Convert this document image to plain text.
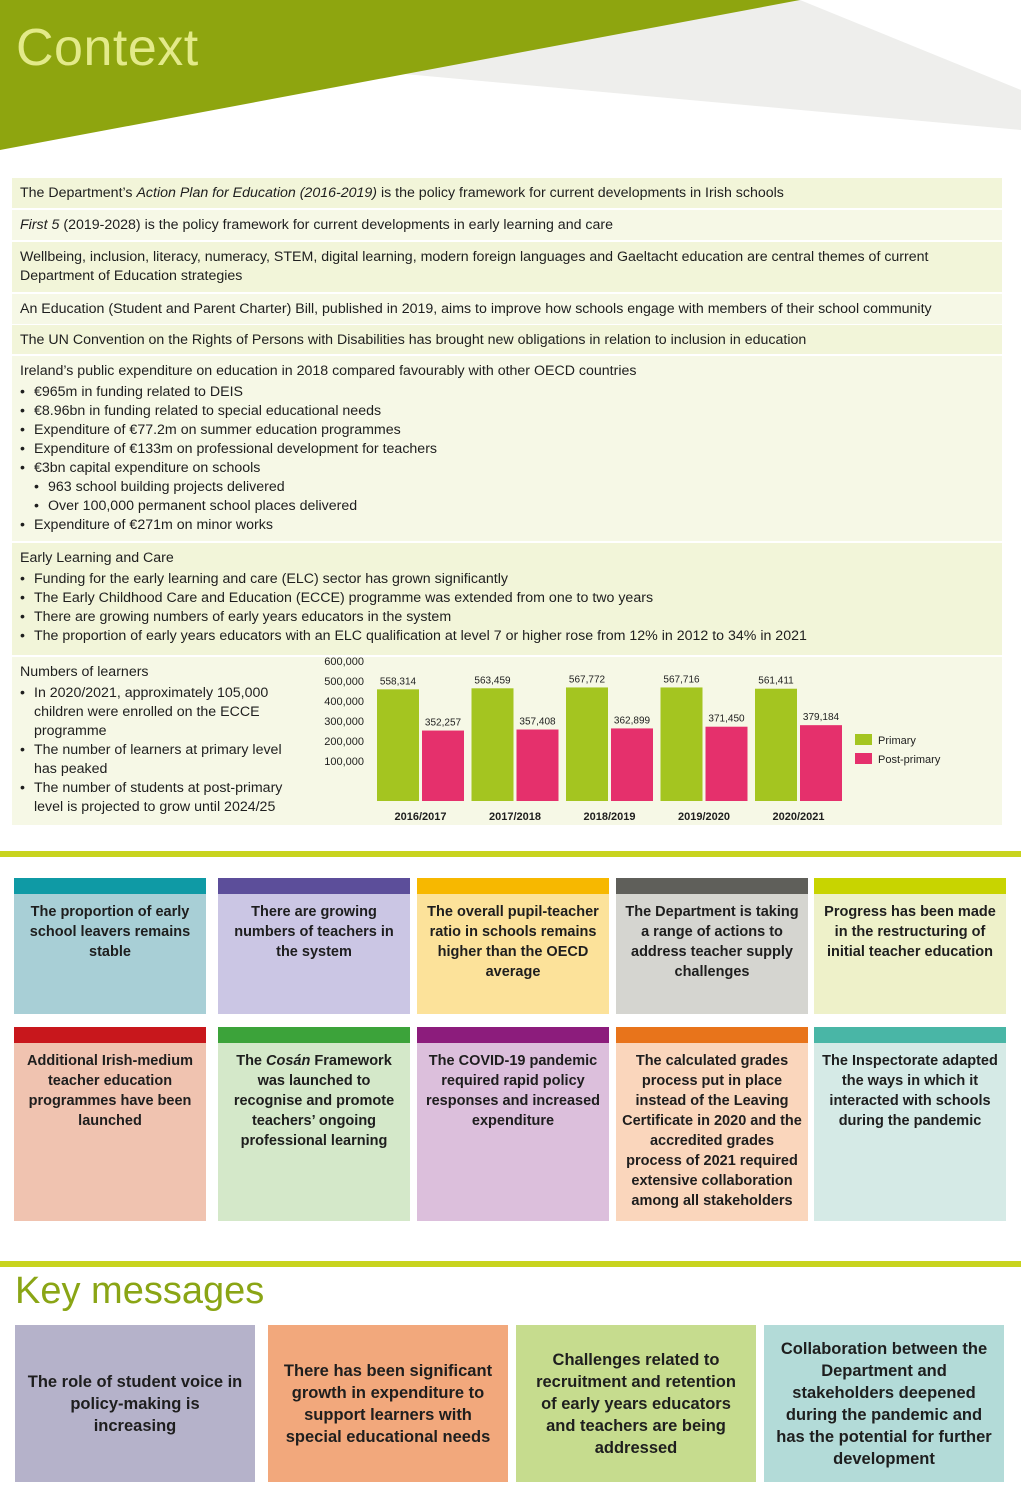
Context
The Department’s Action Plan for Education (2016-2019) is the policy framework for current developments in Irish schools
First 5 (2019-2028) is the policy framework for current developments in early learning and care
Wellbeing, inclusion, literacy, numeracy, STEM, digital learning, modern foreign languages and Gaeltacht education are central themes of current Department of Education strategies
An Education (Student and Parent Charter) Bill, published in 2019, aims to improve how schools engage with members of their school community
The UN Convention on the Rights of Persons with Disabilities has brought new obligations in relation to inclusion in education
Ireland’s public expenditure on education in 2018 compared favourably with other OECD countries
• €965m in funding related to DEIS
• €8.96bn in funding related to special educational needs
• Expenditure of €77.2m on summer education programmes
• Expenditure of €133m on professional development for teachers
• €3bn capital expenditure on schools
• 963 school building projects delivered
• Over 100,000 permanent school places delivered
• Expenditure of €271m on minor works
Early Learning and Care
• Funding for the early learning and care (ELC) sector has grown significantly
• The Early Childhood Care and Education (ECCE) programme was extended from one to two years
• There are growing numbers of early years educators in the system
• The proportion of early years educators with an ELC qualification at level 7 or higher rose from 12% in 2012 to 34% in 2021
Numbers of learners
• In 2020/2021, approximately 105,000 children were enrolled on the ECCE programme
• The number of learners at primary level has peaked
• The number of students at post-primary level is projected to grow until 2024/25
600,000
500,000
400,000
300,000
200,000
100,000
558,314
352,257
2016/2017
563,459
357,408
2017/2018
567,772
362,899
2018/2019
567,716
371,450
2019/2020
561,411
379,184
2020/2021
Primary
Post-primary
The proportion of early school leavers remains stable
There are growing numbers of teachers in the system
The overall pupil-teacher ratio in schools remains higher than the OECD average
The Department is taking a range of actions to address teacher supply challenges
Progress has been made in the restructuring of initial teacher education
Additional Irish-medium teacher education programmes have been launched
The Cosán Framework was launched to recognise and promote teachers’ ongoing professional learning
The COVID-19 pandemic required rapid policy responses and increased expenditure
The calculated grades process put in place instead of the Leaving Certificate in 2020 and the accredited grades process of 2021 required extensive collaboration among all stakeholders
The Inspectorate adapted the ways in which it interacted with schools during the pandemic
Key messages
The role of student voice in policy-making is increasing
There has been significant growth in expenditure to support learners with special educational needs
Challenges related to recruitment and retention of early years educators and teachers are being addressed
Collaboration between the Department and stakeholders deepened during the pandemic and has the potential for further development
